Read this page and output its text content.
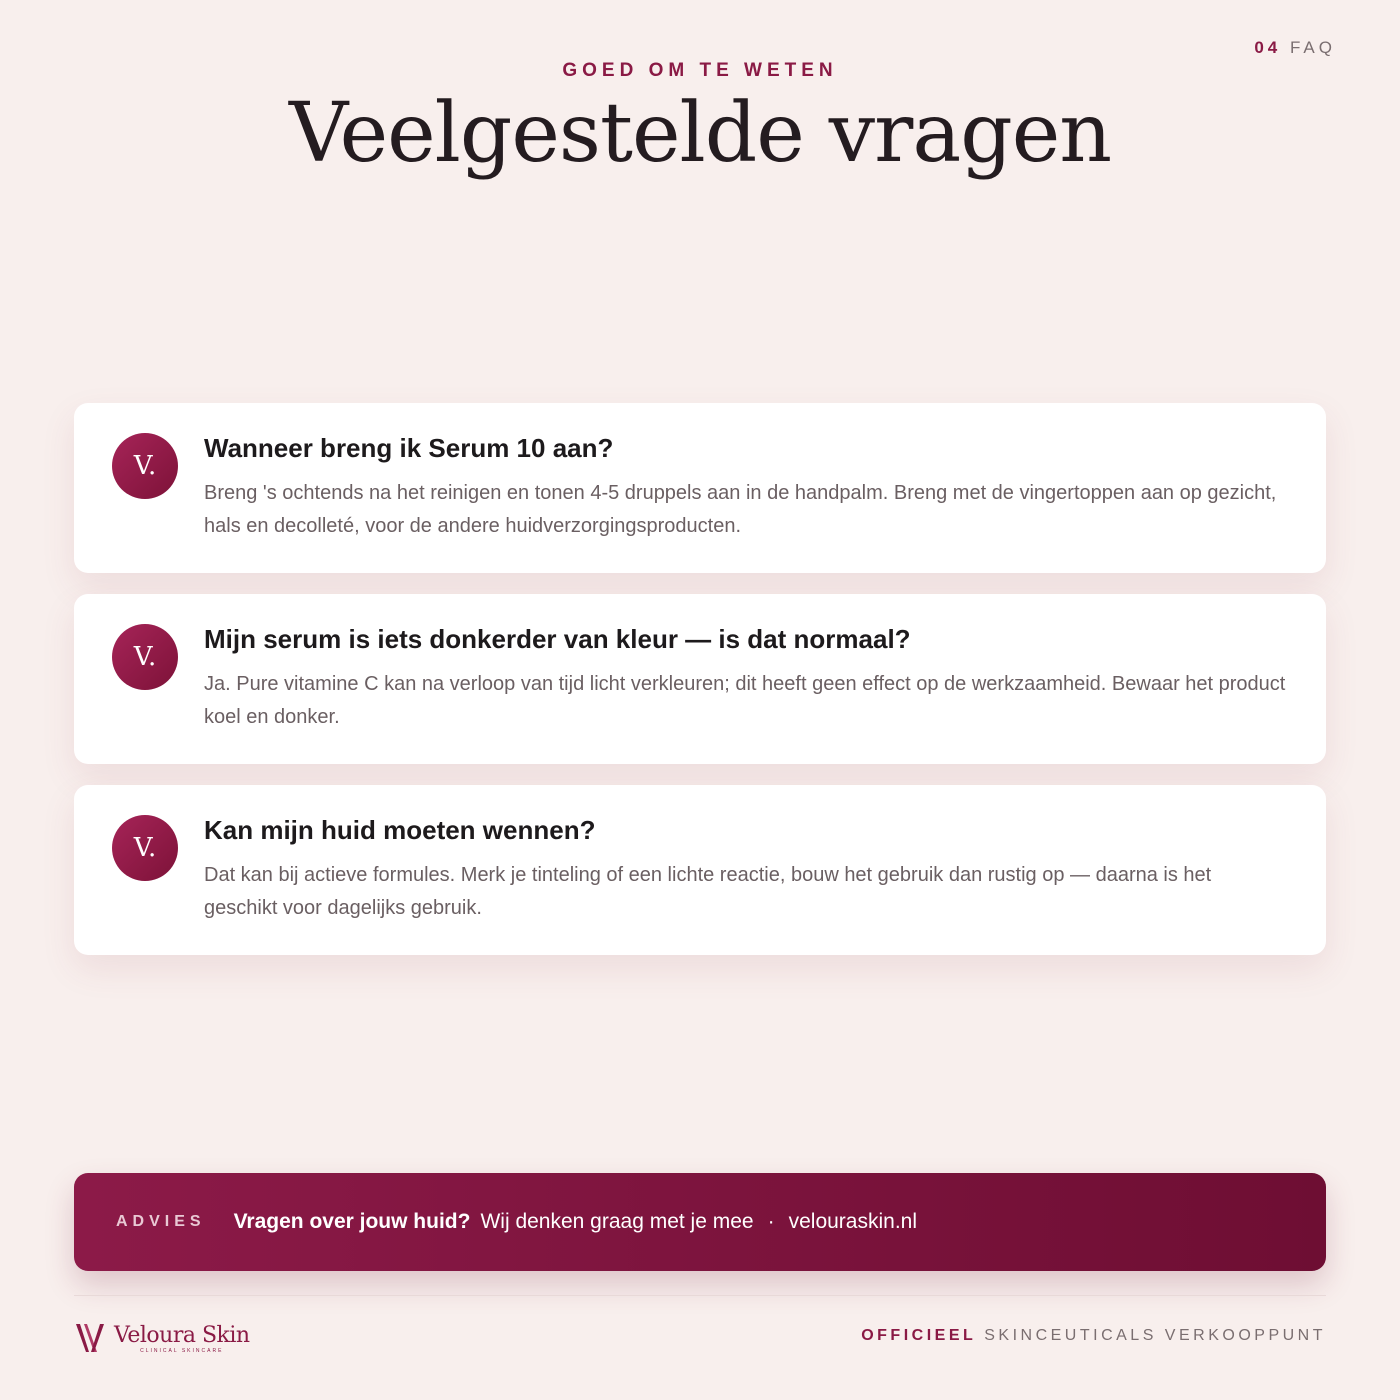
04 FAQ
GOED OM TE WETEN
Veelgestelde vragen
V.
Wanneer breng ik Serum 10 aan?
Breng 's ochtends na het reinigen en tonen 4-5 druppels aan in de handpalm. Breng met de vingertoppen aan op gezicht, hals en decolleté, voor de andere huidverzorgingsproducten.
V.
Mijn serum is iets donkerder van kleur — is dat normaal?
Ja. Pure vitamine C kan na verloop van tijd licht verkleuren; dit heeft geen effect op de werkzaamheid. Bewaar het product koel en donker.
V.
Kan mijn huid moeten wennen?
Dat kan bij actieve formules. Merk je tinteling of een lichte reactie, bouw het gebruik dan rustig op — daarna is het geschikt voor dagelijks gebruik.
ADVIES Vragen over jouw huid? Wij denken graag met je mee · velouraskin.nl
Veloura Skin
CLINICAL SKINCARE
OFFICIEEL SKINCEUTICALS VERKOOPPUNT
